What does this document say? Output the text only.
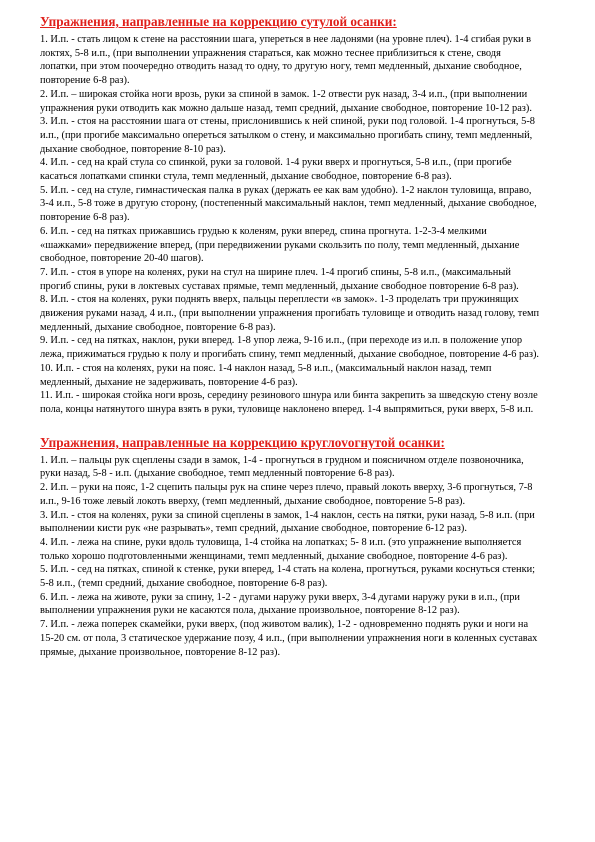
Упражнения, направленные на коррекцию сутулой осанки:

1. И.п. - стать лицом к стене на расстоянии шага, упереться в нее ладонями (на уровне плеч). 1-4 сгибая руки в локтях, 5-8 и.п., (при выполнении упражнения стараться, как можно теснее приблизиться к стене, сводя лопатки, при этом поочередно отводить назад то одну, то другую ногу, темп медленный, дыхание свободное, повторение 6-8 раз).

2. И.п. – широкая стойка ноги врозь, руки за спиной в замок. 1-2 отвести рук назад, 3-4 и.п., (при выполнении упражнения руки отводить как можно дальше назад, темп средний, дыхание свободное, повторение 10-12 раз).

3. И.п. - стоя на расстоянии шага от стены, прислонившись к ней спиной, руки под головой. 1-4 прогнуться, 5-8 и.п., (при прогибе максимально опереться затылком о стену, и максимально прогибать спину, темп медленный, дыхание свободное, повторение 8-10 раз).

4. И.п. - сед на край стула со спинкой, руки за головой. 1-4 руки вверх и прогнуться, 5-8 и.п., (при прогибе касаться лопатками спинки стула, темп медленный, дыхание свободное, повторение 6-8 раз).

5. И.п. - сед на стуле, гимнастическая палка в руках (держать ее как вам удобно). 1-2 наклон туловища, вправо, 3-4 и.п., 5-8 тоже в другую сторону, (постепенный максимальный наклон, темп медленный, дыхание свободное, повторение 6-8 раз).

6. И.п. - сед на пятках прижавшись грудью к коленям, руки вперед, спина прогнута. 1-2-3-4 мелкими «шажками» передвижение вперед, (при передвижении руками скользить по полу, темп медленный, дыхание свободное, повторение 20-40 шагов).

7. И.п. - стоя в упоре на коленях, руки на стул на ширине плеч. 1-4 прогиб спины, 5-8 и.п., (максимальный прогиб спины, руки в локтевых суставах прямые, темп медленный, дыхание свободное повторение 6-8 раз).

8. И.п. - стоя на коленях, руки поднять вверх, пальцы переплести «в замок». 1-3 проделать три пружинящих движения руками назад, 4 и.п., (при выполнении упражнения прогибать туловище и отводить назад голову, темп медленный, дыхание свободное, повторение 6-8 раз).

9. И.п. - сед на пятках, наклон, руки вперед. 1-8 упор лежа, 9-16 и.п., (при переходе из и.п. в положение упор лежа, прижиматься грудью к полу и прогибать спину, темп медленный, дыхание свободное, повторение 4-6 раз).

10. И.п. - стоя на коленях, руки на пояс. 1-4 наклон назад, 5-8 и.п., (максимальный наклон назад, темп медленный, дыхание не задерживать, повторение 4-6 раз).

11. И.п. - широкая стойка ноги врозь, середину резинового шнура или бинта закрепить за шведскую стену возле пола, концы натянутого шнура взять в руки, туловище наклонено вперед. 1-4 выпрямиться, руки вверх, 5-8 и.п.

Упражнения, направленные на коррекцию круглovогнутой осанки:

1. И.п. – пальцы рук сцеплены сзади в замок, 1-4 - прогнуться в грудном и поясничном отделе позвоночника, руки назад, 5-8 - и.п. (дыхание свободное, темп медленный повторение 6-8 раз).

2. И.п. – руки на пояс, 1-2 сцепить пальцы рук на спине через плечо, правый локоть вверху, 3-6 прогнуться, 7-8 и.п., 9-16 тоже левый локоть вверху, (темп медленный, дыхание свободное, повторение 5-8 раз).

3. И.п. - стоя на коленях, руки за спиной сцеплены в замок, 1-4 наклон, сесть на пятки, руки назад, 5-8 и.п. (при выполнении кисти рук «не разрывать», темп средний, дыхание свободное, повторение 6-12 раз).

4. И.п. - лежа на спине, руки вдоль туловища, 1-4 стойка на лопатках; 5- 8 и.п. (это упражнение выполняется только хорошо подготовленными женщинами, темп медленный, дыхание свободное, повторение 4-6 раз).

5. И.п. - сед на пятках, спиной к стенке, руки вперед, 1-4 стать на колена, прогнуться, руками коснуться стенки; 5-8 и.п., (темп средний, дыхание свободное, повторение 6-8 раз).

6. И.п. - лежа на животе, руки за спину, 1-2 - дугами наружу руки вверх, 3-4 дугами наружу руки в и.п., (при выполнении упражнения руки не касаются пола, дыхание произвольное, повторение 8-12 раз).

7. И.п. - лежа поперек скамейки, руки вверх, (под животом валик), 1-2 - одновременно поднять руки и ноги на 15-20 см. от пола, 3 статическое удержание позу, 4 и.п., (при выполнении упражнения ноги в коленных суставах прямые, дыхание произвольное, повторение 8-12 раз).
